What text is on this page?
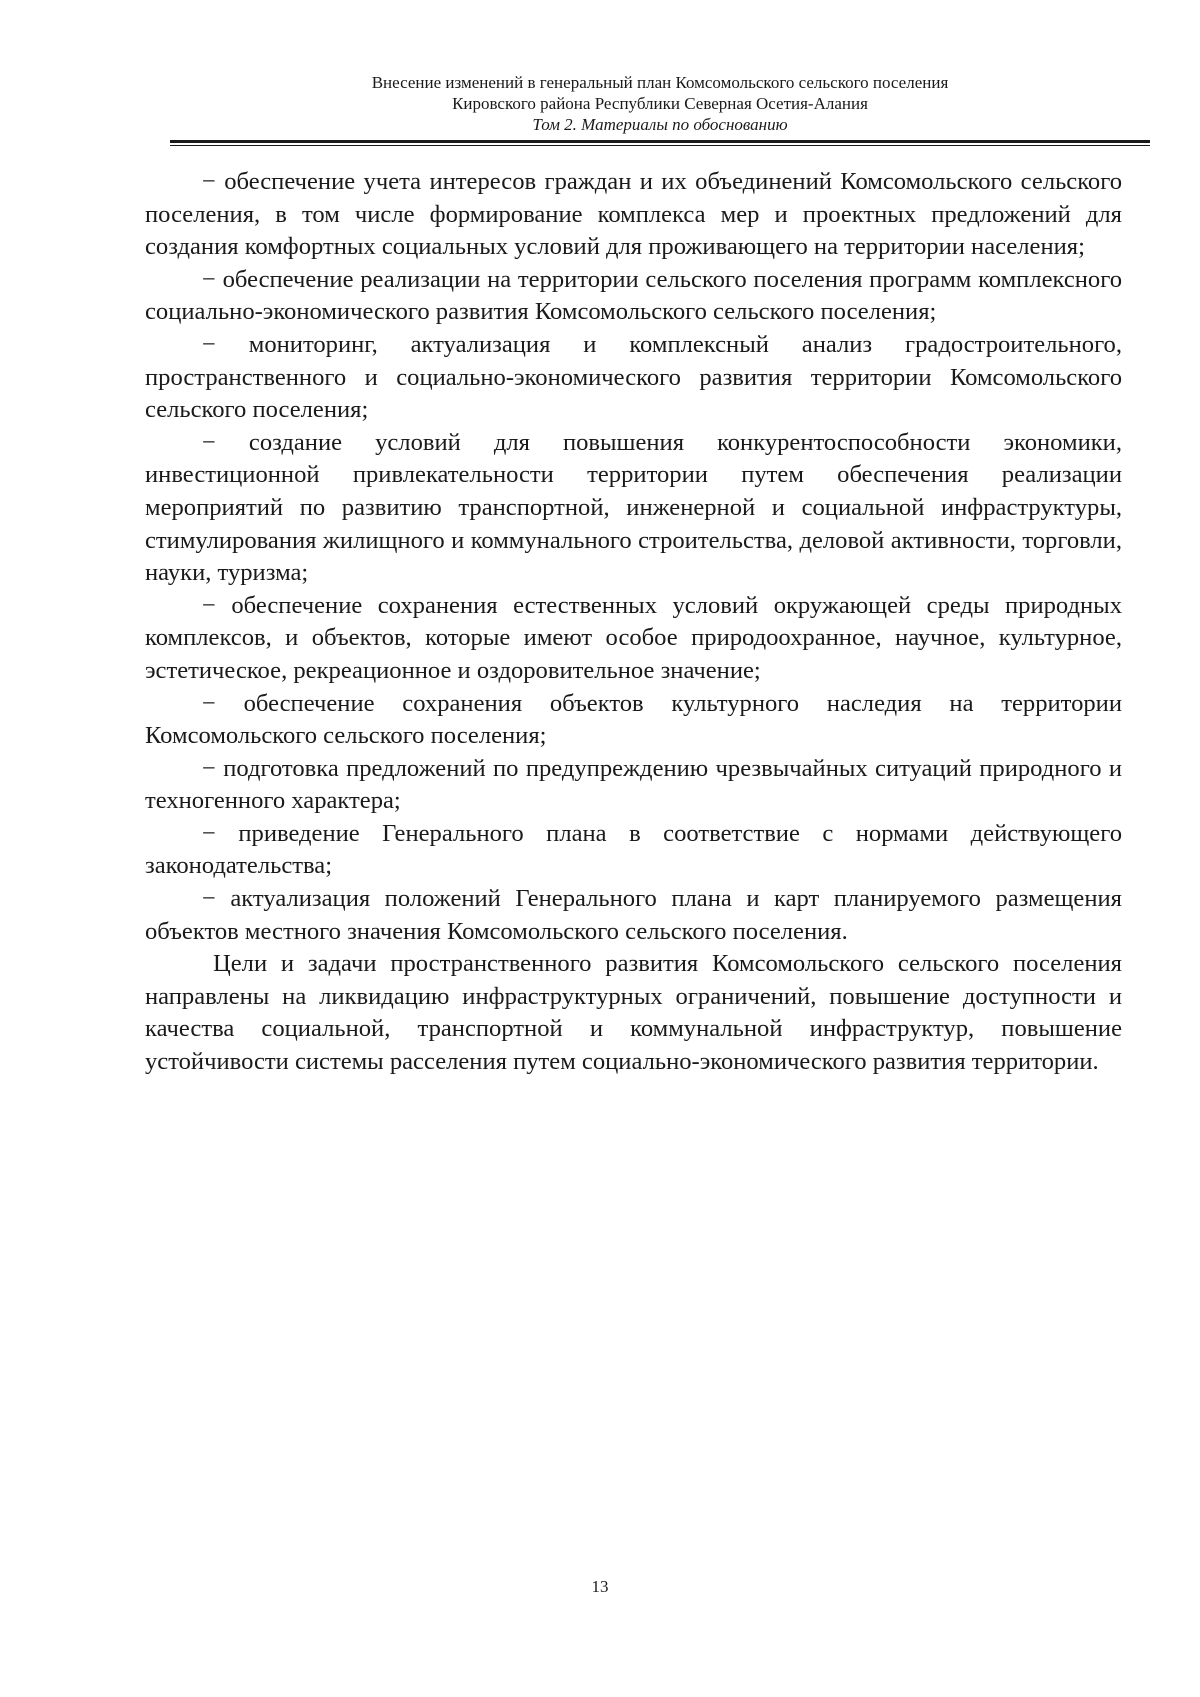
Внесение изменений в генеральный план Комсомольского сельского поселения
Кировского района Республики Северная Осетия-Алания
Том 2. Материалы по обоснованию

− обеспечение учета интересов граждан и их объединений Комсомольского сельского поселения, в том числе формирование комплекса мер и проектных предложений для создания комфортных социальных условий для проживающего на территории населения;

− обеспечение реализации на территории сельского поселения программ комплексного социально-экономического развития Комсомольского сельского поселения;

− мониторинг, актуализация и комплексный анализ градостроительного, пространственного и социально-экономического развития территории Комсомольского сельского поселения;

− создание условий для повышения конкурентоспособности экономики, инвестиционной привлекательности территории путем обеспечения реализации мероприятий по развитию транспортной, инженерной и социальной инфраструктуры, стимулирования жилищного и коммунального строительства, деловой активности, торговли, науки, туризма;

− обеспечение сохранения естественных условий окружающей среды природных комплексов, и объектов, которые имеют особое природоохранное, научное, культурное, эстетическое, рекреационное и оздоровительное значение;

− обеспечение сохранения объектов культурного наследия на территории Комсомольского сельского поселения;

− подготовка предложений по предупреждению чрезвычайных ситуаций природного и техногенного характера;

− приведение Генерального плана в соответствие с нормами действующего законодательства;

− актуализация положений Генерального плана и карт планируемого размещения объектов местного значения Комсомольского сельского поселения.

Цели и задачи пространственного развития Комсомольского сельского поселения направлены на ликвидацию инфраструктурных ограничений, повышение доступности и качества социальной, транспортной и коммунальной инфраструктур, повышение устойчивости системы расселения путем социально-экономического развития территории.

13
